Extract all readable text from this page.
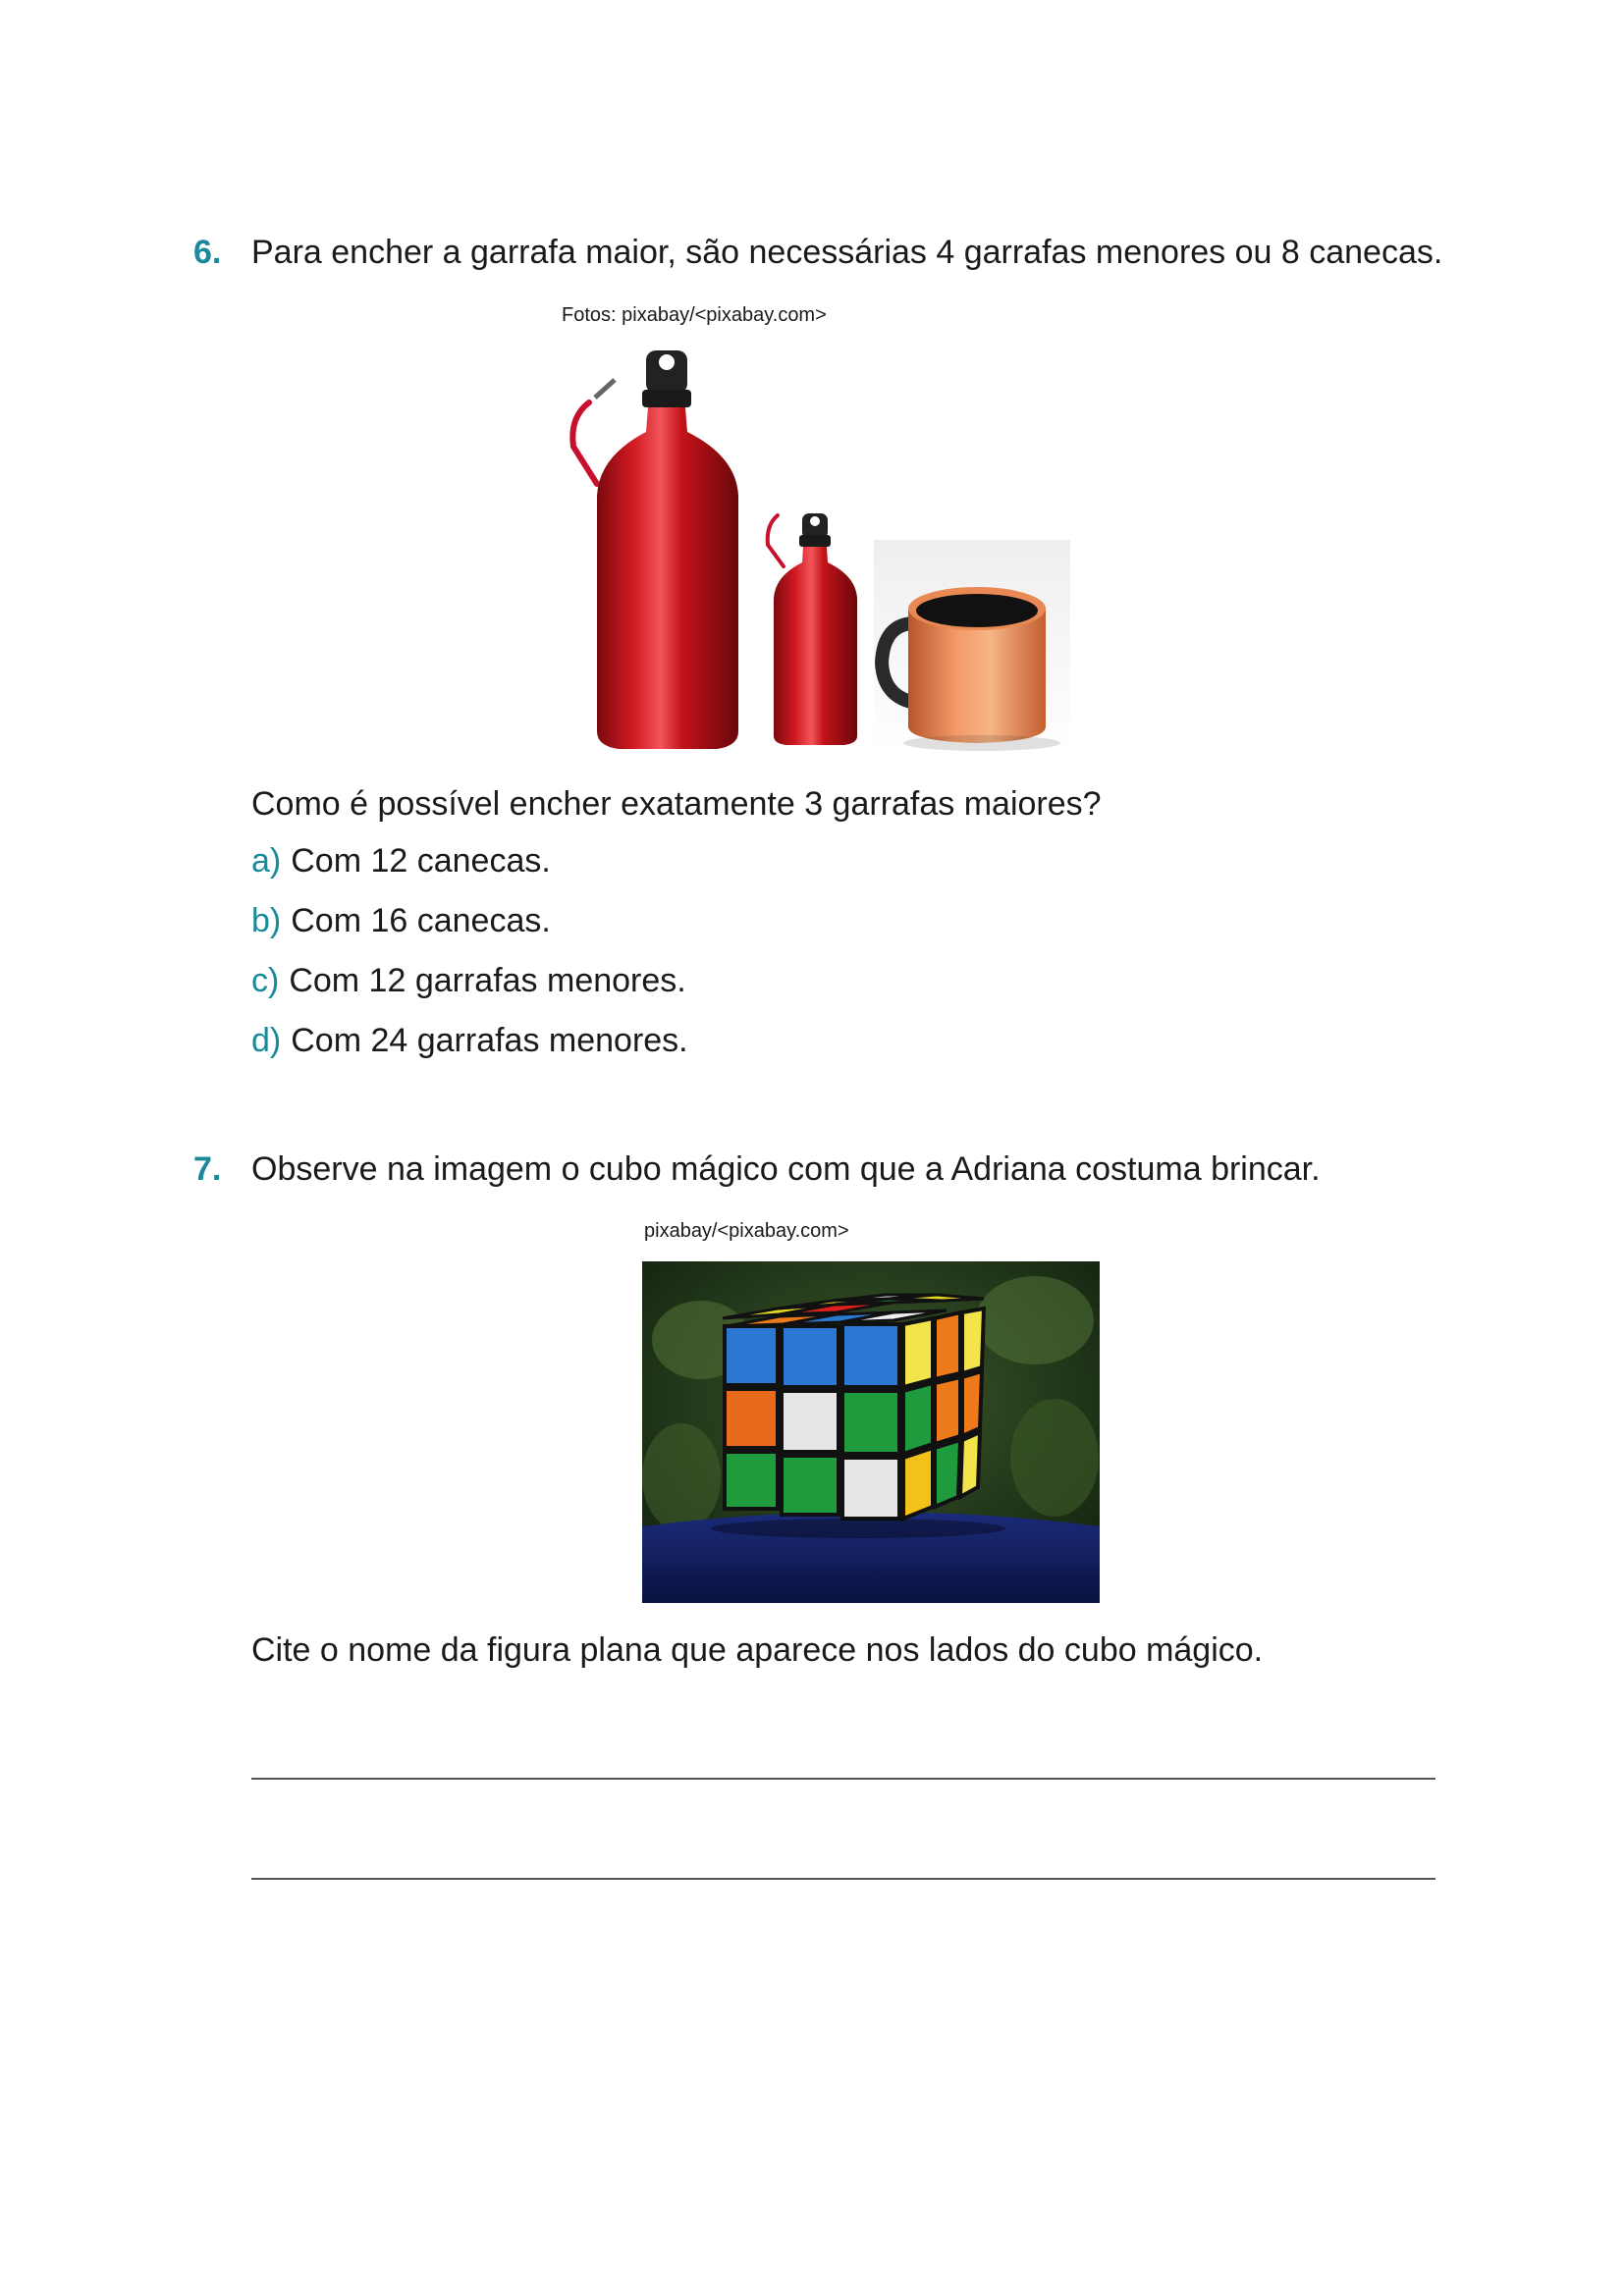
6. Para encher a garrafa maior, são necessárias 4 garrafas menores ou 8 canecas.
Fotos: pixabay/<pixabay.com>
Como é possível encher exatamente 3 garrafas maiores?
a) Com 12 canecas.
b) Com 16 canecas.
c) Com 12 garrafas menores.
d) Com 24 garrafas menores.
7. Observe na imagem o cubo mágico com que a Adriana costuma brincar.
pixabay/<pixabay.com>
Cite o nome da figura plana que aparece nos lados do cubo mágico.
